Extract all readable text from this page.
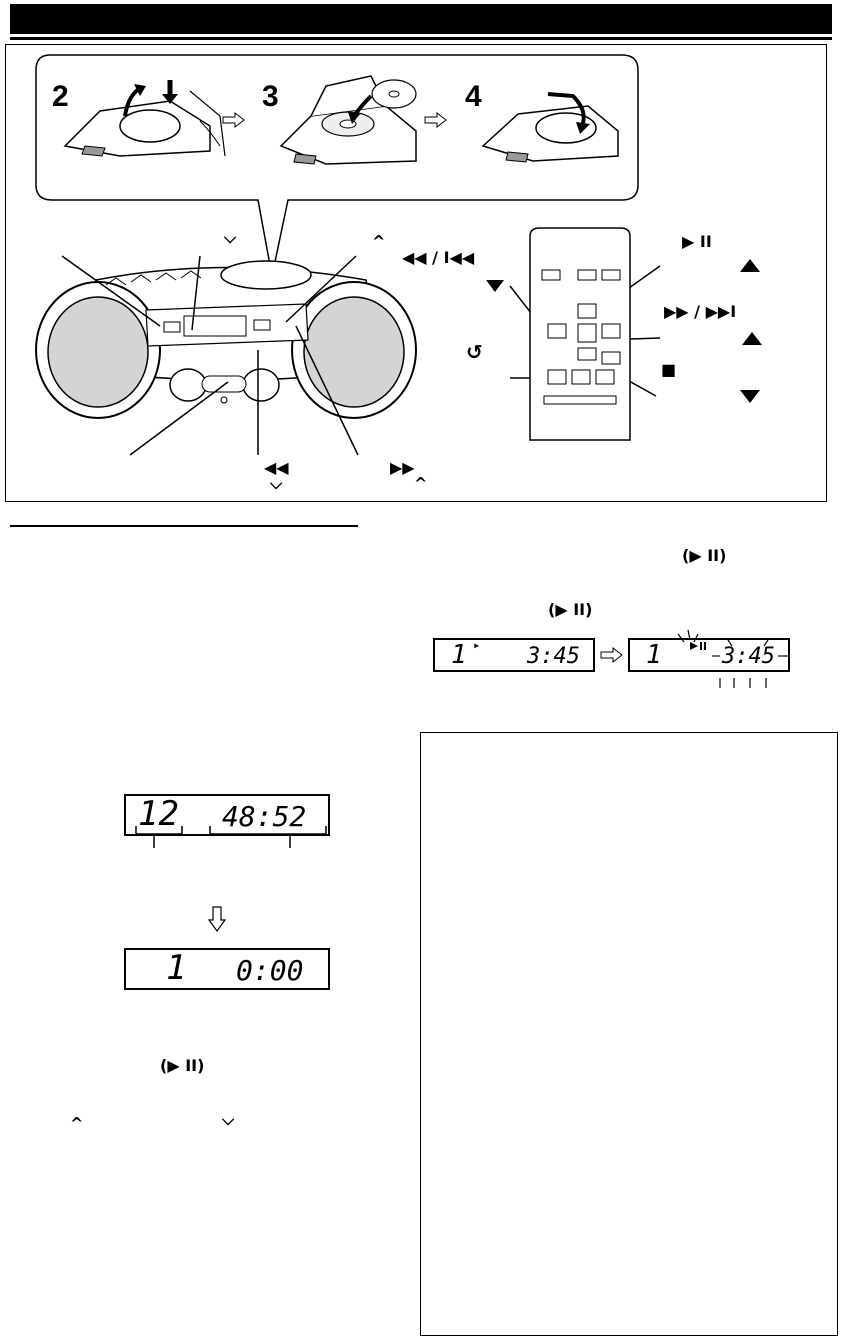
2	3	4
⌵	^
◀◀ / I◀◀
▶ II
▶▶ / ▶▶I
■
↺
◀◀	▶▶
⌵	^
(▶ II)
(▶ II)
1 ▸ 3:45	1	3:45
12 48:52
1 0:00
(▶ II)
^	⌵
